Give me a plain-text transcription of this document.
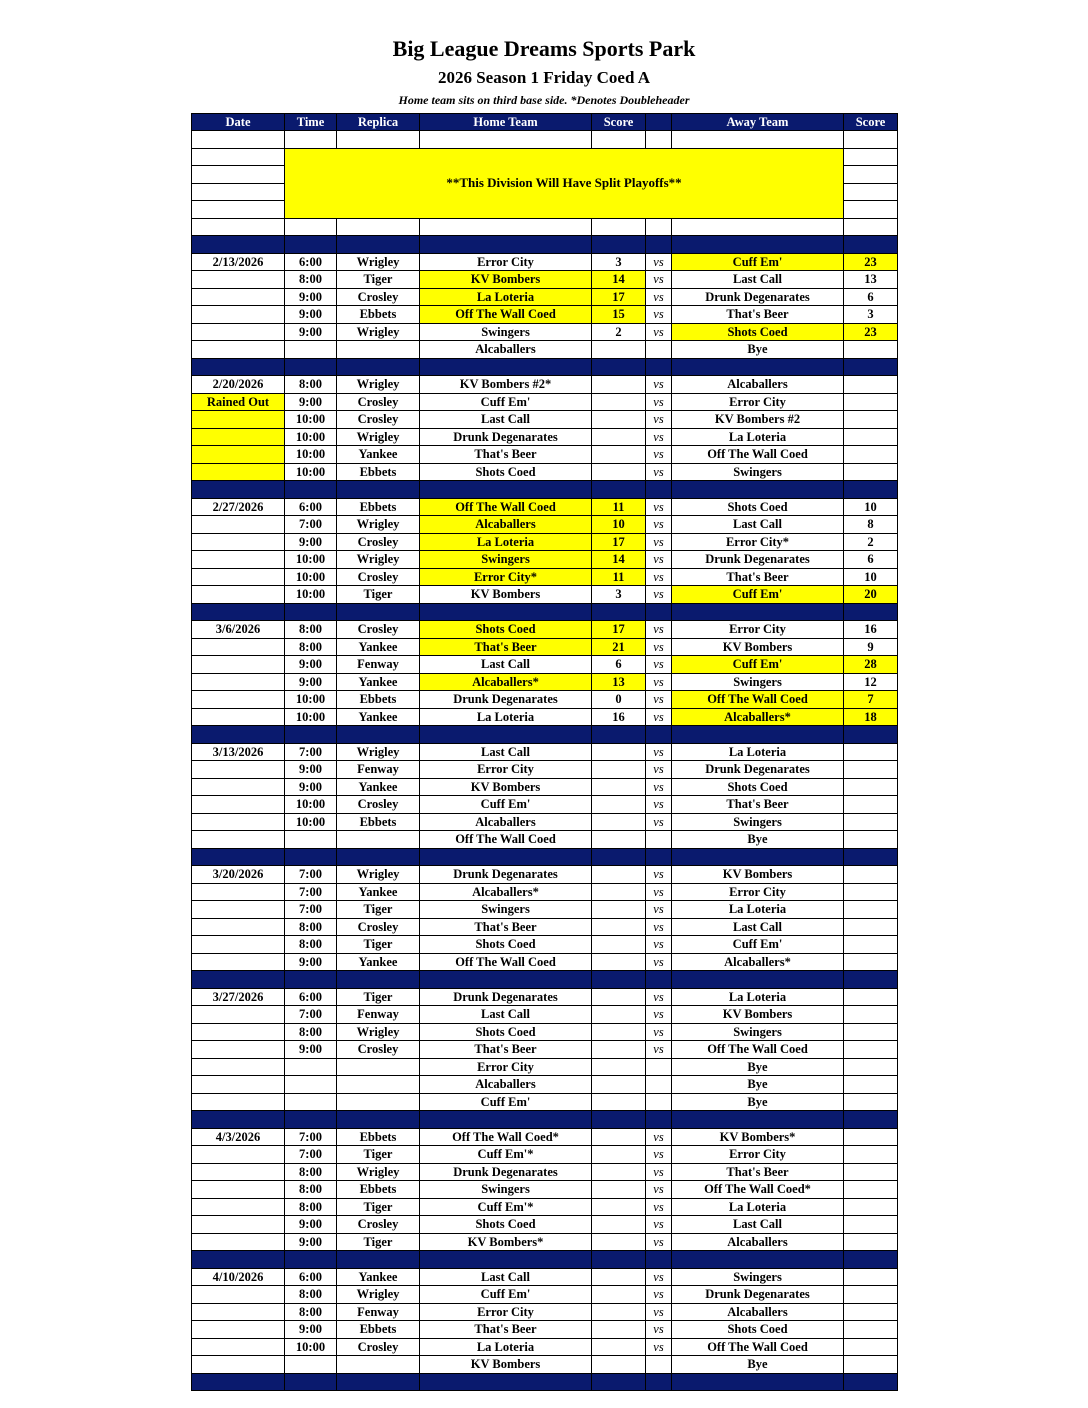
Big League Dreams Sports Park
2026 Season 1 Friday Coed A
Home team sits on third base side. *Denotes Doubleheader
Date	Time	Replica	Home Team	Score		Away Team	Score

	**This Division Will Have Split Playoffs**						

2/13/2026	6:00	Wrigley	Error City	3	vs	Cuff Em'	23
	8:00	Tiger	KV Bombers	14	vs	Last Call	13
	9:00	Crosley	La Loteria	17	vs	Drunk Degenarates	6
	9:00	Ebbets	Off The Wall Coed	15	vs	That's Beer	3
	9:00	Wrigley	Swingers	2	vs	Shots Coed	23
			Alcaballers			Bye	

2/20/2026	8:00	Wrigley	KV Bombers #2*		vs	Alcaballers	
Rained Out	9:00	Crosley	Cuff Em'		vs	Error City	
	10:00	Crosley	Last Call		vs	KV Bombers #2	
	10:00	Wrigley	Drunk Degenarates		vs	La Loteria	
	10:00	Yankee	That's Beer		vs	Off The Wall Coed	
	10:00	Ebbets	Shots Coed		vs	Swingers	

2/27/2026	6:00	Ebbets	Off The Wall Coed	11	vs	Shots Coed	10
	7:00	Wrigley	Alcaballers	10	vs	Last Call	8
	9:00	Crosley	La Loteria	17	vs	Error City*	2
	10:00	Wrigley	Swingers	14	vs	Drunk Degenarates	6
	10:00	Crosley	Error City*	11	vs	That's Beer	10
	10:00	Tiger	KV Bombers	3	vs	Cuff Em'	20

3/6/2026	8:00	Crosley	Shots Coed	17	vs	Error City	16
	8:00	Yankee	That's Beer	21	vs	KV Bombers	9
	9:00	Fenway	Last Call	6	vs	Cuff Em'	28
	9:00	Yankee	Alcaballers*	13	vs	Swingers	12
	10:00	Ebbets	Drunk Degenarates	0	vs	Off The Wall Coed	7
	10:00	Yankee	La Loteria	16	vs	Alcaballers*	18

3/13/2026	7:00	Wrigley	Last Call		vs	La Loteria	
	9:00	Fenway	Error City		vs	Drunk Degenarates	
	9:00	Yankee	KV Bombers		vs	Shots Coed	
	10:00	Crosley	Cuff Em'		vs	That's Beer	
	10:00	Ebbets	Alcaballers		vs	Swingers	
			Off The Wall Coed			Bye	

3/20/2026	7:00	Wrigley	Drunk Degenarates		vs	KV Bombers	
	7:00	Yankee	Alcaballers*		vs	Error City	
	7:00	Tiger	Swingers		vs	La Loteria	
	8:00	Crosley	That's Beer		vs	Last Call	
	8:00	Tiger	Shots Coed		vs	Cuff Em'	
	9:00	Yankee	Off The Wall Coed		vs	Alcaballers*	

3/27/2026	6:00	Tiger	Drunk Degenarates		vs	La Loteria	
	7:00	Fenway	Last Call		vs	KV Bombers	
	8:00	Wrigley	Shots Coed		vs	Swingers	
	9:00	Crosley	That's Beer		vs	Off The Wall Coed	
			Error City			Bye	
			Alcaballers			Bye	
			Cuff Em'			Bye	

4/3/2026	7:00	Ebbets	Off The Wall Coed*		vs	KV Bombers*	
	7:00	Tiger	Cuff Em'*		vs	Error City	
	8:00	Wrigley	Drunk Degenarates		vs	That's Beer	
	8:00	Ebbets	Swingers		vs	Off The Wall Coed*	
	8:00	Tiger	Cuff Em'*		vs	La Loteria	
	9:00	Crosley	Shots Coed		vs	Last Call	
	9:00	Tiger	KV Bombers*		vs	Alcaballers	

4/10/2026	6:00	Yankee	Last Call		vs	Swingers	
	8:00	Wrigley	Cuff Em'		vs	Drunk Degenarates	
	8:00	Fenway	Error City		vs	Alcaballers	
	9:00	Ebbets	That's Beer		vs	Shots Coed	
	10:00	Crosley	La Loteria		vs	Off The Wall Coed	
			KV Bombers			Bye	
